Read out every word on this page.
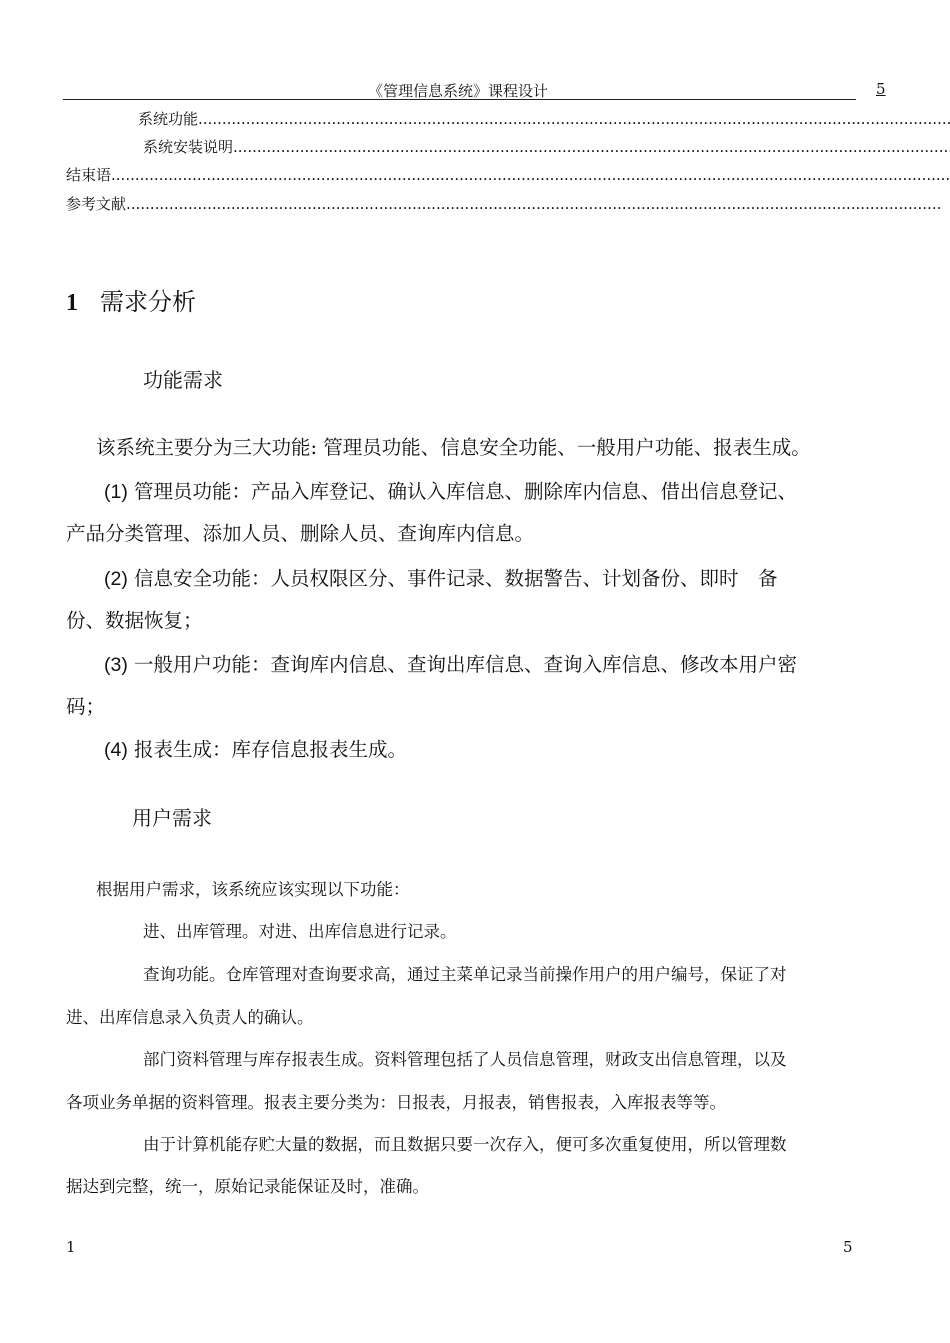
《管理信息系统》课程设计	5
系统功能
.....
系统安装说明
.....
结束语
.....
参考文献
.....
1 需求分析
功能需求
该系统主要分为三大功能: 管理员功能、信息安全功能、一般用户功能、报表生成。
(1) 管理员功能：产品入库登记、确认入库信息、删除库内信息、借出信息登记、
产品分类管理、添加人员、删除人员、查询库内信息。
(2) 信息安全功能：人员权限区分、事件记录、数据警告、计划备份、即时　备
份、数据恢复；
(3) 一般用户功能：查询库内信息、查询出库信息、查询入库信息、修改本用户密
码；
(4) 报表生成：库存信息报表生成。
用户需求
根据用户需求，该系统应该实现以下功能：
进、出库管理。对进、出库信息进行记录。
查询功能。仓库管理对查询要求高，通过主菜单记录当前操作用户的用户编号，保证了对
进、出库信息录入负责人的确认。
部门资料管理与库存报表生成。资料管理包括了人员信息管理，财政支出信息管理，以及
各项业务单据的资料管理。报表主要分类为：日报表，月报表，销售报表，入库报表等等。
由于计算机能存贮大量的数据，而且数据只要一次存入，便可多次重复使用，所以管理数
据达到完整，统一，原始记录能保证及时，准确。
1	5
